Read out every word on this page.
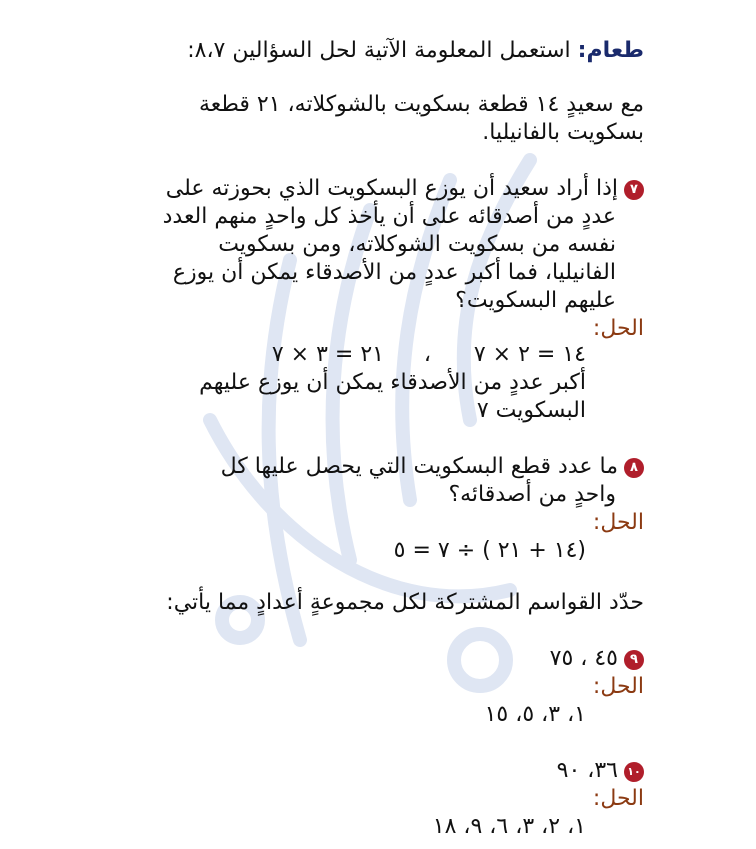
طعام: استعمل المعلومة الآتية لحل السؤالين ٨،٧:
مع سعيدٍ ١٤ قطعة بسكويت بالشوكلاته، ٢١ قطعة
بسكويت بالفانيليا.
٧إذا أراد سعيد أن يوزع البسكويت الذي بحوزته على
عددٍ من أصدقائه على أن يأخذ كل واحدٍ منهم العدد
نفسه من بسكويت الشوكلاته، ومن بسكويت
الفانيليا، فما أكبر عددٍ من الأصدقاء يمكن أن يوزع
عليهم البسكويت؟
الحل:
١٤ = ٢ × ٧
،
٢١ = ٣ × ٧
أكبر عددٍ من الأصدقاء يمكن أن يوزع عليهم
البسكويت ٧
٨ما عدد قطع البسكويت التي يحصل عليها كل
واحدٍ من أصدقائه؟
الحل:
(١٤ + ٢١ ) ÷ ٧ = ٥
حدّد القواسم المشتركة لكل مجموعةٍ أعدادٍ مما يأتي:
٩٤٥ ، ٧٥
الحل:
١، ٣، ٥، ١٥
١٠٣٦، ٩٠
الحل:
١، ٢، ٣، ٦، ٩، ١٨
